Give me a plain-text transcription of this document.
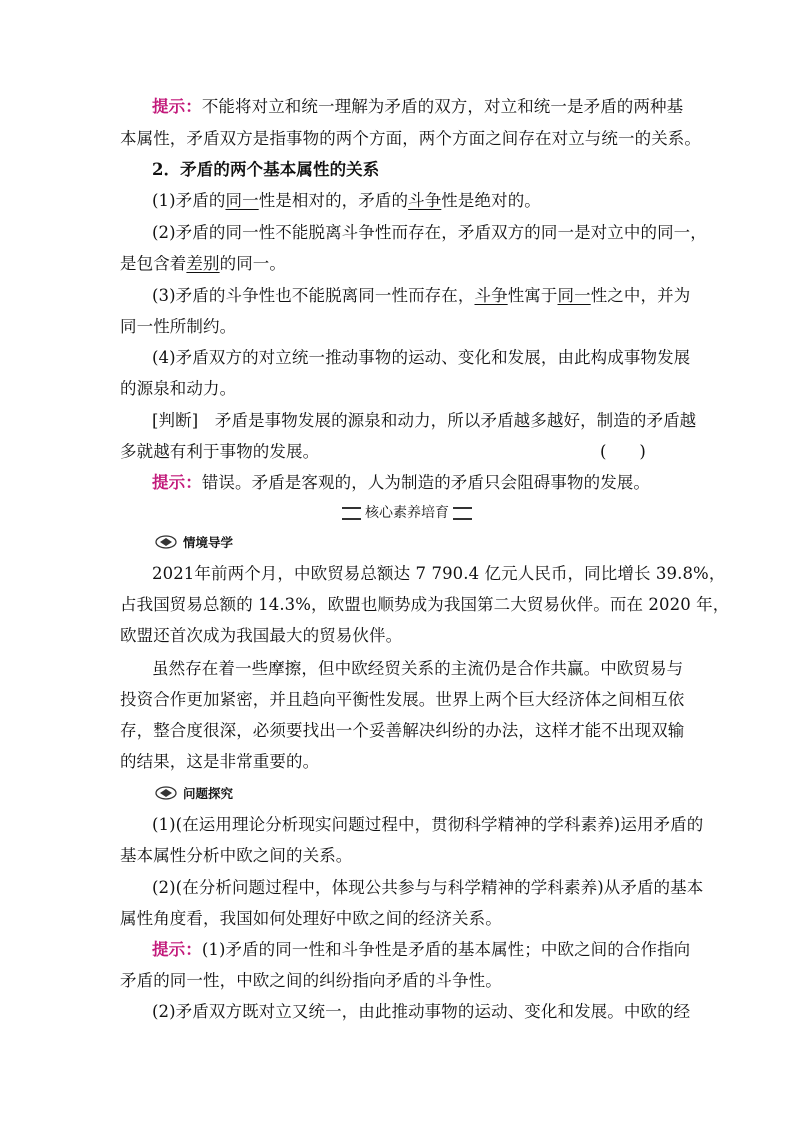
提示：不能将对立和统一理解为矛盾的双方，对立和统一是矛盾的两种基
本属性，矛盾双方是指事物的两个方面，两个方面之间存在对立与统一的关系。
2．矛盾的两个基本属性的关系
(1)矛盾的同一性是相对的，矛盾的斗争性是绝对的。
(2)矛盾的同一性不能脱离斗争性而存在，矛盾双方的同一是对立中的同一，
是包含着差别的同一。
(3)矛盾的斗争性也不能脱离同一性而存在，斗争性寓于同一性之中，并为
同一性所制约。
(4)矛盾双方的对立统一推动事物的运动、变化和发展，由此构成事物发展
的源泉和动力。
[判断]　矛盾是事物发展的源泉和动力，所以矛盾越多越好，制造的矛盾越
多就越有利于事物的发展。	(　　)
提示：错误。矛盾是客观的，人为制造的矛盾只会阻碍事物的发展。
核心素养培育
情境导学
2021年前两个月，中欧贸易总额达 7 790.4 亿元人民币，同比增长 39.8%，
占我国贸易总额的 14.3%，欧盟也顺势成为我国第二大贸易伙伴。而在 2020 年，
欧盟还首次成为我国最大的贸易伙伴。
虽然存在着一些摩擦，但中欧经贸关系的主流仍是合作共赢。中欧贸易与
投资合作更加紧密，并且趋向平衡性发展。世界上两个巨大经济体之间相互依
存，整合度很深，必须要找出一个妥善解决纠纷的办法，这样才能不出现双输
的结果，这是非常重要的。
问题探究
(1)(在运用理论分析现实问题过程中，贯彻科学精神的学科素养)运用矛盾的
基本属性分析中欧之间的关系。
(2)(在分析问题过程中，体现公共参与与科学精神的学科素养)从矛盾的基本
属性角度看，我国如何处理好中欧之间的经济关系。
提示：(1)矛盾的同一性和斗争性是矛盾的基本属性；中欧之间的合作指向
矛盾的同一性，中欧之间的纠纷指向矛盾的斗争性。
(2)矛盾双方既对立又统一，由此推动事物的运动、变化和发展。中欧的经
